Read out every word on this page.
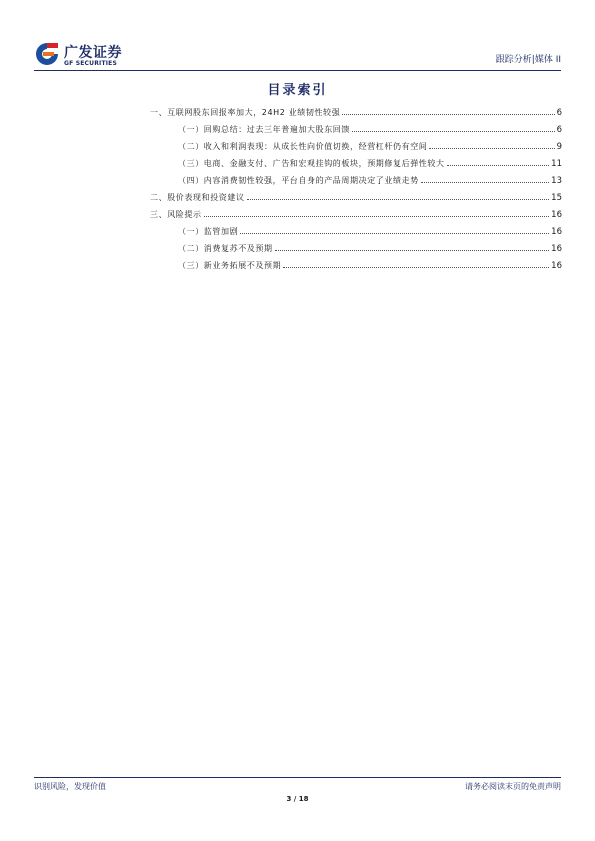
广发证券
GF SECURITIES	跟踪分析|媒体 II
目录索引
一、互联网股东回报率加大，24H2 业绩韧性较强	6
（一）回购总结：过去三年普遍加大股东回馈	6
（二）收入和利润表现：从成长性向价值切换，经营杠杆仍有空间	9
（三）电商、金融支付、广告和宏观挂钩的板块，预期修复后弹性较大	11
（四）内容消费韧性较强，平台自身的产品周期决定了业绩走势	13
二、股价表现和投资建议	15
三、风险提示	16
（一）监管加剧	16
（二）消费复苏不及预期	16
（三）新业务拓展不及预期	16
识别风险，发现价值	请务必阅读末页的免责声明
3 / 18
